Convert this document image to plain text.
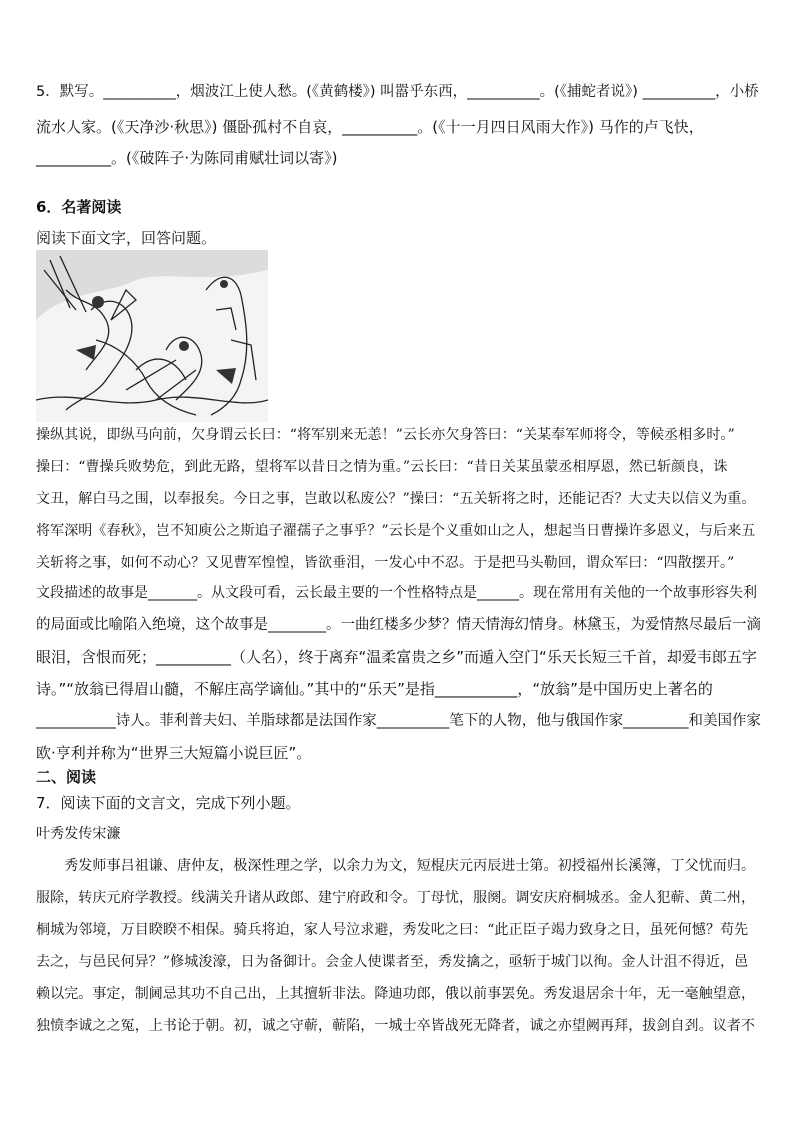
5．默写。__________，烟波江上使人愁。(《黄鹤楼》) 叫嚣乎东西，__________。(《捕蛇者说》) __________，小桥
流水人家。(《天净沙·秋思》) 僵卧孤村不自哀，__________。(《十一月四日风雨大作》) 马作的卢飞快，
__________。(《破阵子·为陈同甫赋壮词以寄》)
6．名著阅读
阅读下面文字，回答问题。
操纵其说，即纵马向前，欠身谓云长曰：“将军别来无恙！”云长亦欠身答曰：“关某奉军师将令，等候丞相多时。”
操曰：“曹操兵败势危，到此无路，望将军以昔日之情为重。”云长曰：“昔日关某虽蒙丞相厚恩，然已斩颜良，诛
文丑，解白马之围，以奉报矣。今日之事，岂敢以私废公？”操曰：“五关斩将之时，还能记否？大丈夫以信义为重。
将军深明《春秋》，岂不知庾公之斯追子濯孺子之事乎？”云长是个义重如山之人，想起当日曹操许多恩义，与后来五
关斩将之事，如何不动心？又见曹军惶惶，皆欲垂泪，一发心中不忍。于是把马头勒回，谓众军曰：“四散摆开。”
文段描述的故事是_______。从文段可看，云长最主要的一个性格特点是______。现在常用有关他的一个故事形容失利
的局面或比喻陷入绝境，这个故事是________。一曲红楼多少梦？情天情海幻情身。林黛玉，为爱情熬尽最后一滴
眼泪，含恨而死；__________（人名），终于离弃“温柔富贵之乡”而遁入空门“乐天长短三千首，却爱韦郎五字
诗。”“放翁已得眉山髓，不解庄高学谪仙。”其中的“乐天”是指___________，“放翁”是中国历史上著名的
___________诗人。菲利普夫妇、羊脂球都是法国作家__________笔下的人物，他与俄国作家_________和美国作家
欧·亨利并称为“世界三大短篇小说巨匠”。
二、阅读
7．阅读下面的文言文，完成下列小题。
叶秀发传宋濂
　　秀发师事吕祖谦、唐仲友，极深性理之学，以余力为文，短棍庆元丙辰进士第。初授福州长溪簿，丁父忧而归。
服除，转庆元府学教授。线满关升诸从政郎、建宁府政和令。丁母忧，服阕。调安庆府桐城丞。金人犯蕲、黄二州，
桐城为邻境，万目睽睽不相保。骑兵将迫，家人号泣求避，秀发叱之曰：“此正臣子竭力致身之日，虽死何憾？苟先
去之，与邑民何异？”修城浚濠，日为备御计。会金人使谍者至，秀发擒之，亟斩于城门以徇。金人计沮不得近，邑
赖以完。事定，制阃忌其功不自己出，上其擅斩非法。降迪功郎，俄以前事罢免。秀发退居余十年，无一毫触望意，
独愤李诚之之冤，上书论于朝。初，诚之守蕲，蕲陷，一城士卒皆战死无降者，诚之亦望阙再拜，拔剑自刭。议者不
